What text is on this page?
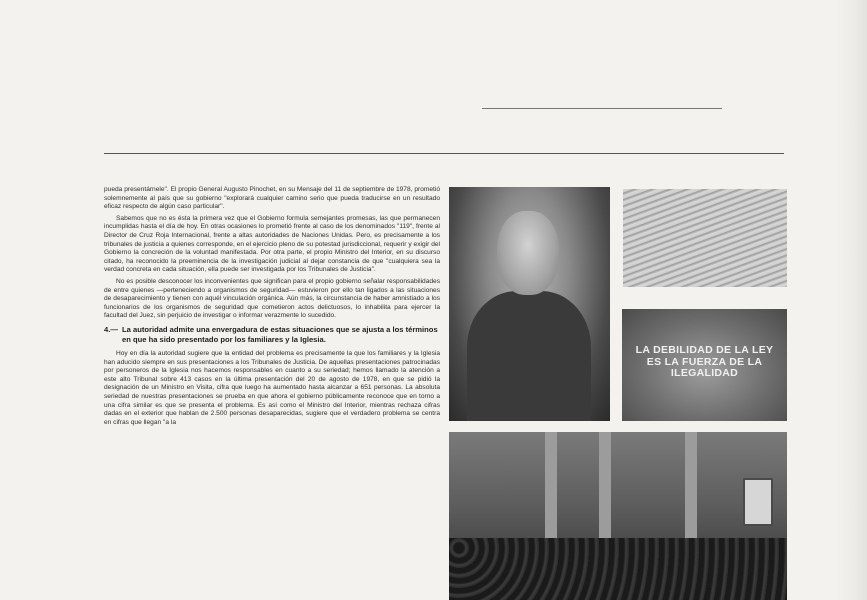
pueda presentárnele". El propio General Augusto Pinochet, en su Mensaje del 11 de septiembre de 1978, prometió solemnemente al país que su gobierno "explorará cualquier camino serio que pueda traducirse en un resultado eficaz respecto de algún caso particular".

Sabemos que no es ésta la primera vez que el Gobierno formula semejantes promesas, las que permanecen incumplidas hasta el día de hoy. En otras ocasiones lo prometió frente al caso de los denominados "119", frente al Director de Cruz Roja Internacional, frente a altas autoridades de Naciones Unidas. Pero, es precisamente a los tribunales de justicia a quienes corresponde, en el ejercicio pleno de su potestad jurisdiccional, requerir y exigir del Gobierno la concreción de la voluntad manifestada. Por otra parte, el propio Ministro del Interior, en su discurso citado, ha reconocido la preeminencia de la investigación judicial al dejar constancia de que "cualquiera sea la verdad concreta en cada situación, ella puede ser investigada por los Tribunales de Justicia".

No es posible desconocer los inconvenientes que significan para el propio gobierno señalar responsabilidades de entre quienes —perteneciendo a organismos de seguridad— estuvieron por ello tan ligados a las situaciones de desaparecimiento y tienen con aquél vinculación orgánica. Aún más, la circunstancia de haber amnistiado a los funcionarios de los organismos de seguridad que cometieron actos delictuosos, lo inhabilita para ejercer la facultad del Juez, sin perjuicio de investigar o informar verazmente lo sucedido.

4.— La autoridad admite una envergadura de estas situaciones que se ajusta a los términos en que ha sido presentado por los familiares y la Iglesia.

Hoy en día la autoridad sugiere que la entidad del problema es precisamente la que los familiares y la Iglesia han aducido siempre en sus presentaciones a los Tribunales de Justicia. De aquellas presentaciones patrocinadas por personeros de la Iglesia nos hacemos responsables en cuanto a su seriedad; hemos llamado la atención a este alto Tribunal sobre 413 casos en la última presentación del 20 de agosto de 1978, en que se pidió la designación de un Ministro en Visita, cifra que luego ha aumentado hasta alcanzar a 651 personas. La absoluta seriedad de nuestras presentaciones se prueba en que ahora el gobierno públicamente reconoce que en torno a una cifra similar es que se presenta el problema. Es así como el Ministro del Interior, mientras rechaza cifras dadas en el exterior que hablan de 2.500 personas desaparecidas, sugiere que el verdadero problema se centra en cifras que llegan "a la

LA DEBILIDAD DE LA LEY ES LA FUERZA DE LA ILEGALIDAD
